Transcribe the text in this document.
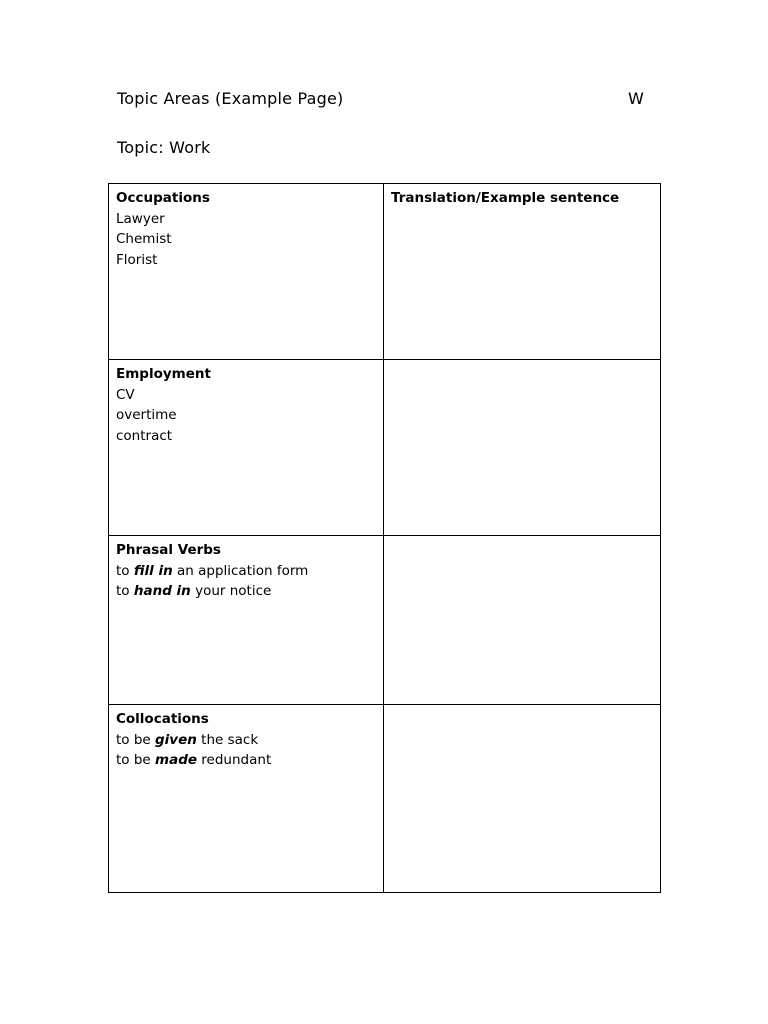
Topic Areas (Example Page)	W
Topic: Work
Occupations
Lawyer
Chemist
Florist
Translation/Example sentence
Employment
CV
overtime
contract
Phrasal Verbs
to fill in an application form
to hand in your notice
Collocations
to be given the sack
to be made redundant
